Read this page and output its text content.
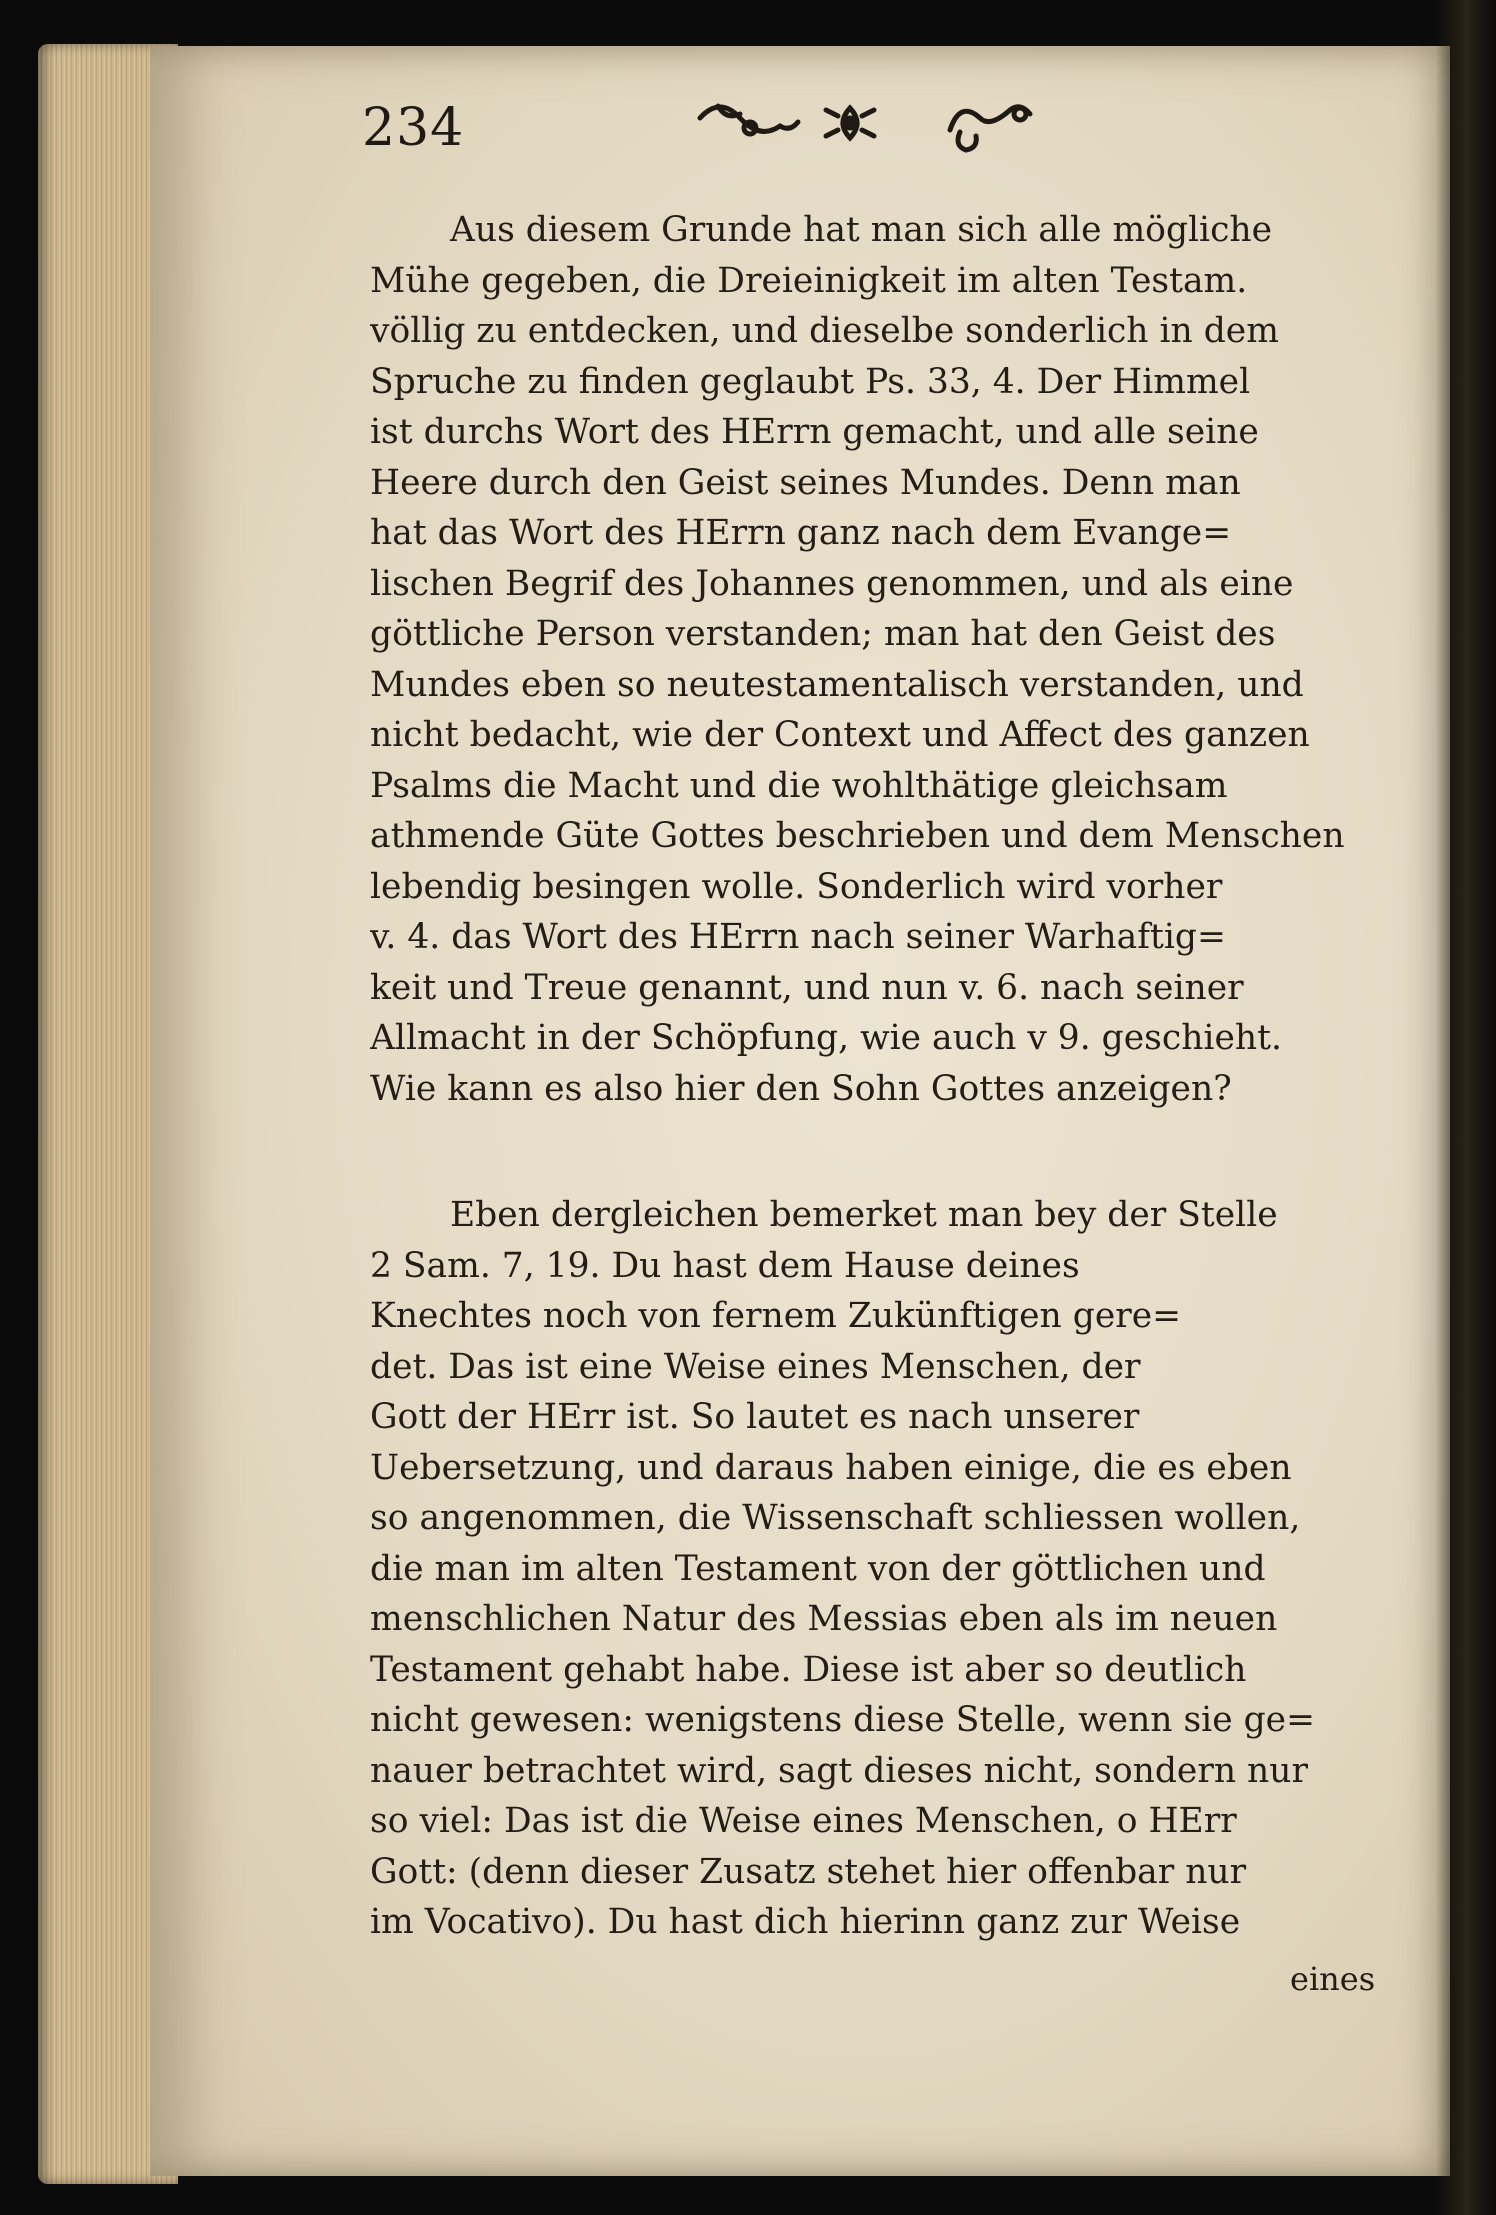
234
Aus diesem Grunde hat man sich alle mögliche
Mühe gegeben, die Dreieinigkeit im alten Testam.
völlig zu entdecken, und dieselbe sonderlich in dem
Spruche zu finden geglaubt Ps. 33, 4. Der Himmel
ist durchs Wort des HErrn gemacht, und alle seine
Heere durch den Geist seines Mundes. Denn man
hat das Wort des HErrn ganz nach dem Evange=
lischen Begrif des Johannes genommen, und als eine
göttliche Person verstanden; man hat den Geist des
Mundes eben so neutestamentalisch verstanden, und
nicht bedacht, wie der Context und Affect des ganzen
Psalms die Macht und die wohlthätige gleichsam
athmende Güte Gottes beschrieben und dem Menschen
lebendig besingen wolle. Sonderlich wird vorher
v. 4. das Wort des HErrn nach seiner Warhaftig=
keit und Treue genannt, und nun v. 6. nach seiner
Allmacht in der Schöpfung, wie auch v 9. geschieht.
Wie kann es also hier den Sohn Gottes anzeigen?
Eben dergleichen bemerket man bey der Stelle
2 Sam. 7, 19. Du hast dem Hause deines
Knechtes noch von fernem Zukünftigen gere=
det. Das ist eine Weise eines Menschen, der
Gott der HErr ist. So lautet es nach unserer
Uebersetzung, und daraus haben einige, die es eben
so angenommen, die Wissenschaft schliessen wollen,
die man im alten Testament von der göttlichen und
menschlichen Natur des Messias eben als im neuen
Testament gehabt habe. Diese ist aber so deutlich
nicht gewesen: wenigstens diese Stelle, wenn sie ge=
nauer betrachtet wird, sagt dieses nicht, sondern nur
so viel: Das ist die Weise eines Menschen, o HErr
Gott: (denn dieser Zusatz stehet hier offenbar nur
im Vocativo). Du hast dich hierinn ganz zur Weise
eines
